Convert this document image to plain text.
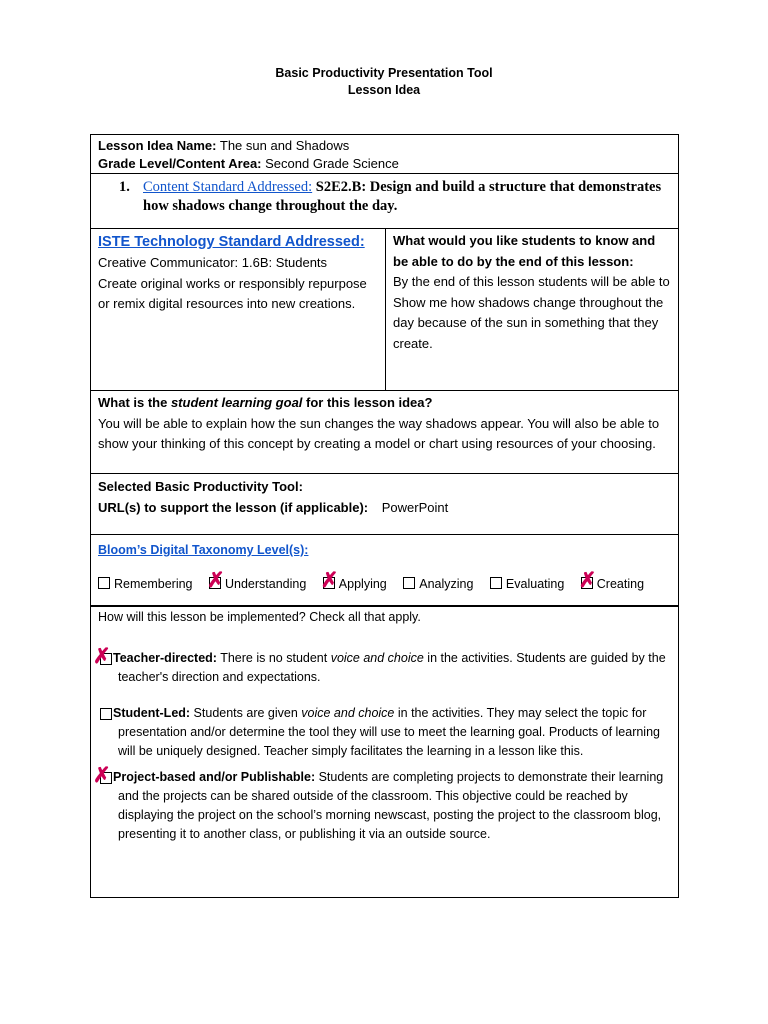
Basic Productivity Presentation Tool
Lesson Idea
Lesson Idea Name: The sun and Shadows
Grade Level/Content Area: Second Grade Science
1. Content Standard Addressed: S2E2.B: Design and build a structure that demonstrates how shadows change throughout the day.
ISTE Technology Standard Addressed:
Creative Communicator: 1.6B: Students
Create original works or responsibly repurpose or remix digital resources into new creations.
What would you like students to know and be able to do by the end of this lesson:
By the end of this lesson students will be able to Show me how shadows change throughout the day because of the sun in something that they create.
What is the student learning goal for this lesson idea?
You will be able to explain how the sun changes the way shadows appear. You will also be able to show your thinking of this concept by creating a model or chart using resources of your choosing.
Selected Basic Productivity Tool:
URL(s) to support the lesson (if applicable): PowerPoint
Bloom’s Digital Taxonomy Level(s):
Remembering ✗ Understanding ✗ Applying	Analyzing	Evaluating ✗ Creating
How will this lesson be implemented? Check all that apply.
✗ Teacher-directed: There is no student voice and choice in the activities. Students are guided by the teacher's direction and expectations.
Student-Led: Students are given voice and choice in the activities. They may select the topic for presentation and/or determine the tool they will use to meet the learning goal. Products of learning will be uniquely designed. Teacher simply facilitates the learning in a lesson like this.
✗ Project-based and/or Publishable: Students are completing projects to demonstrate their learning and the projects can be shared outside of the classroom. This objective could be reached by displaying the project on the school’s morning newscast, posting the project to the classroom blog, presenting it to another class, or publishing it via an outside source.
